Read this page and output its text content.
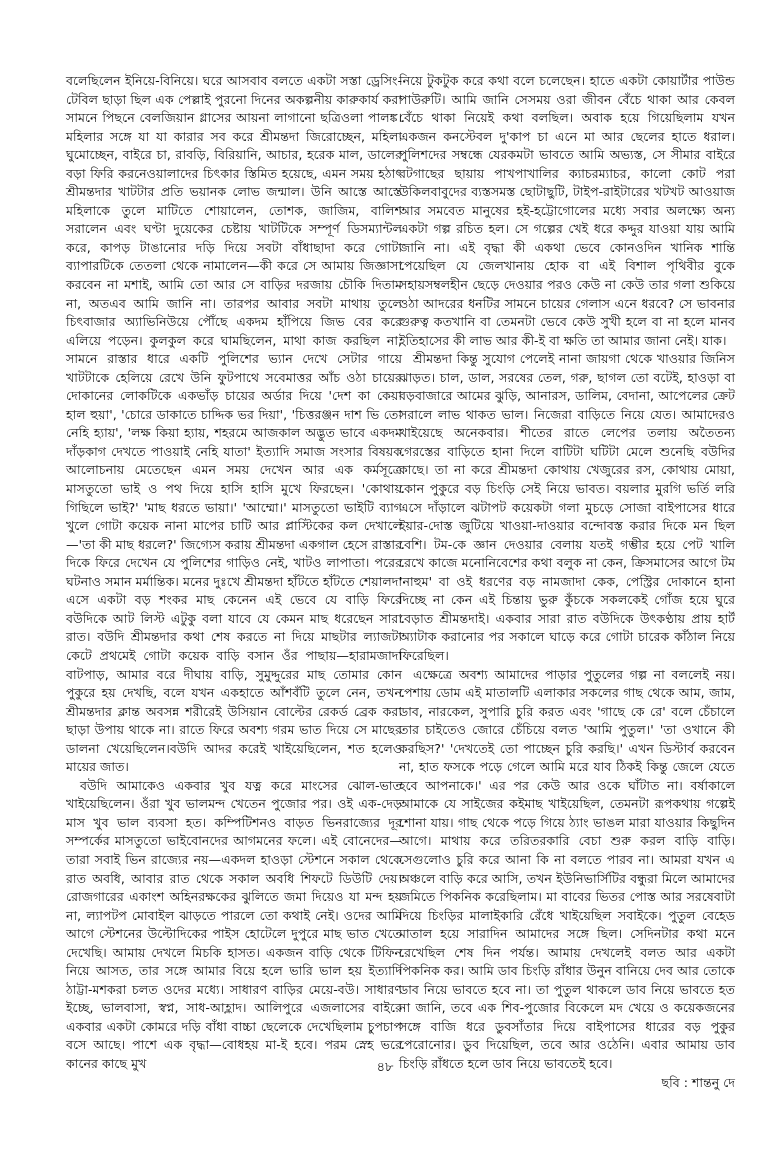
বলেছিলেন ইনিয়ে-বিনিয়ে। ঘরে আসবাব বলতে একটা সস্তা ড্রেসিং-টেবিল ছাড়া ছিল এক পেল্লাই পুরনো দিনের অকল্পনীয় কারুকার্য করা সামনে পিছনে বেলজিয়ান গ্লাসের আয়না লাগানো ছত্রিওলা পালঙ্ক। মহিলার সঙ্গে যা যা কারার সব করে শ্রীমন্তদা জিরোচ্ছেন, মহিলা ঘুমোচ্ছেন, বাইরে চা, রাবড়ি, বিরিয়ানি, আচার, হরেক মাল, ডালের বড়া ফিরি করনেওয়ালাদের চিৎকার স্তিমিত হয়েছে, এমন সময় হঠাৎ শ্রীমন্তদার খাটটার প্রতি ভয়ানক লোভ জন্মাল। উনি আস্তে আস্তে মহিলাকে তুলে মাটিতে শোয়ালেন, তোশক, জাজিম, বালিশ সরালেন এবং ঘণ্টা দুয়েকের চেষ্টায় খাটটিকে সম্পূর্ণ ডিসম্যান্টল করে, কাপড় টাঙানোর দড়ি দিয়ে সবটা বাঁধাছাদা করে গোটা ব্যাপারটিকে তেতলা থেকে নামালেন—কী করে সে আমায় জিজ্ঞাসা করবেন না মশাই, আমি তো আর সে বাড়ির দরজায় চৌকি দিতাম না, অতএব আমি জানি না। তারপর আবার সবটা মাথায় তুলে চিৎবাজার অ্যাভিনিউয়ে পৌঁছে একদম হাঁপিয়ে জিভ বের করে এলিয়ে পড়েন। কুলকুল করে ঘামছিলেন, মাথা কাজ করছিল না, সামনে রাস্তার ধারে একটি পুলিশের ভ্যান দেখে সেটার গায়ে খাটটাকে হেলিয়ে রেখে উনি ফুটপাথে সবেমাত্তর আঁচ ওঠা চায়ের দোকানের লোকটিকে একভাঁড় চায়ের অর্ডার দিয়ে 'দেশ কা কেয়া হাল হুয়া', 'চোরে ডাকাতে চাদ্দিক ভর দিয়া', 'চিত্তরঞ্জন দাশ ভি তো নেহি হ্যায়', 'লক্ষ কিয়া হ্যায়, শহরমে আজকাল অদ্ভুত ভাবে একদম দাঁড়কাগ দেখতে পাওয়াই নেহি যাতা' ইত্যাদি সমাজ সংসার বিষয়ক আলোচনায় মেতেছেন এমন সময় দেখেন আর এক কর্মসূত্রে মাসতুতো ভাই ও পথ দিয়ে হাসি হাসি মুখে ফিরছেন। 'কোথায় গিছিলে ভাই?' 'মাছ ধরতে ভায়া।' 'আম্মো।' মাসতুতো ভাইটি ব্যাগ খুলে গোটা কয়েক নানা মাপের চাটি আর প্লাস্টিকের কল দেখালে—'তা কী মাছ ধরলে?' জিগ্যেস করায় শ্রীমন্তদা একগাল হেসে রাস্তার দিকে ফিরে দেখেন যে পুলিশের গাড়িও নেই, খাটও লাপাতা। পরের ঘটনাও সমান মর্মান্তিক। মনের দুঃখে শ্রীমন্তদা হাঁটতে হাঁটতে শেয়ালদা এসে একটা বড় শংকর মাছ কেনেন এই ভেবে যে বাড়ি ফিরে বউদিকে আট লিস্ট এটুকু বলা যাবে যে কেমন মাছ ধরেছেন সারা রাত। বউদি শ্রীমন্তদার কথা শেষ করতে না দিয়ে মাছটার ল্যাজটা কেটে প্রথমেই গোটা কয়েক বাড়ি বসান ওঁর পাছায়—হারামজাদা বাটপাড়, আমার বরে দীঘায় বাড়ি, সুমুদ্দুরের মাছ তোমার কোন পুকুরে হয় দেখছি, বলে যখন একহাতে আঁশবঁটি তুলে নেন, তখন শ্রীমন্তদার ক্লান্ত অবসন্ন শরীরেই উসিয়ান বোল্টের রেকর্ড ব্রেক করা ছাড়া উপায় থাকে না। রাতে ফিরে অবশ্য গরম ভাত দিয়ে সে মাছের ডালনা খেয়েছিলেন।বউদি আদর করেই খাইয়েছিলেন, শত হলেও মায়ের জাত।

বউদি আমাকেও একবার খুব যত্ন করে মাংসের ঝোল-ভাত খাইয়েছিলেন। ওঁরা খুব ভালমন্দ খেতেন পুজোর পর। ওই এক-দেড় মাস খুব ভাল ব্যবসা হত। কম্পিটিশনও বাড়ত ভিনরাজ্যের দূর সম্পর্কের মাসতুতো ভাইবোনদের আগমনের ফলে। এই বোনেদের—তারা সবাই ভিন রাজ্যের নয়—একদল হাওড়া স্টেশনে সকাল থেকে রাত অবধি, আবার রাত থেকে সকাল অবধি শিফটে ডিউটি দেয়। রোজগারের একাংশ অহিনরক্ষকের ঝুলিতে জমা দিয়েও যা মন্দ হয় না, ল্যাপটপ মোবাইল ঝাড়তে পারলে তো কথাই নেই। ওদের আমি আগে স্টেশনের উল্টোদিকের পাইস হোটেলে দুপুরে মাছ ভাত খেতে দেখেছি। আমায় দেখলে মিচকি হাসত। একজন বাড়ি থেকে টিফিন নিয়ে আসত, তার সঙ্গে আমার বিয়ে হলে ভারি ভাল হয় ইত্যাদি ঠাট্টা-মশকরা চলত ওদের মধ্যে। সাধারণ বাড়ির মেয়ে-বউ। সাধারণ ইচ্ছে, ভালবাসা, স্বপ্ন, সাধ-আহ্লাদ। আলিপুরে এজলাসের বাইরে একবার একটা কোমরে দড়ি বাঁধা বাচ্চা ছেলেকে দেখেছিলাম চুপচাপ বসে আছে। পাশে এক বৃদ্ধা—বোধহয় মা-ই হবে। পরম স্নেহ ভরে কানের কাছে মুখ

নিয়ে টুকটুক করে কথা বলে চলেছেন। হাতে একটা কোয়ার্টার পাউন্ড পাউরুটি। আমি জানি সেসময় ওরা জীবন বেঁচে থাকা আর কেবল বেঁচে থাকা নিয়েই কথা বলছিল। অবাক হয়ে গিয়েছিলাম যখন একজন কনস্টেবল দু'কাপ চা এনে মা আর ছেলের হাতে ধরাল। পুলিশদের সম্বন্ধে যেরকমটা ভাবতে আমি অভ্যস্ত, সে সীমার বাইরে বটগাছের ছায়ায় পাখপাখালির ক্যাচরম্যাচর, কালো কোট পরা উকিলবাবুদের ব্যস্তসমস্ত ছোটাছুটি, টাইপ-রাইটারের খটখট আওয়াজ আর সমবেত মানুষের হই-হট্টোগোলের মধ্যে সবার অলক্ষ্যে অন্য একটা গল্প রচিত হল। সে গল্পের খেই ধরে কদ্দুর যাওয়া যায় আমি জানি না। এই বৃদ্ধা কী একথা ভেবে কোনওদিন খানিক শান্তি পেয়েছিল যে জেলখানায় হোক বা এই বিশাল পৃথিবীর বুকে সহায়সম্বলহীন ছেড়ে দেওয়ার পরও কেউ না কেউ তার গলা শুকিয়ে ওঠা আদরের ধনটির সামনে চায়ের গেলাস এনে ধরবে? সে ভাবনার গুরুত্ব কতখানি বা তেমনটা ভেবে কেউ সুখী হলে বা না হলে মানব ইতিহাসের কী লাভ আর কী-ই বা ক্ষতি তা আমার জানা নেই। যাক।

শ্রীমন্তদা কিন্তু সুযোগ পেলেই নানা জায়গা থেকে খাওয়ার জিনিস ঝাড়ত। চাল, ডাল, সরষের তেল, গরু, ছাগল তো বটেই, হাওড়া বা বড়বাজারে আমের ঝুড়ি, আনারস, ডালিম, বেদানা, আপেলের ক্রেট সরালে লাভ থাকত ভাল। নিজেরা বাড়িতে নিয়ে যেত। আমাদেরও খাইয়েছে অনেকবার। শীতের রাতে লেপের তলায় অতৈতন্য গেরস্তের বাড়িতে হানা দিলে বাটিটা ঘটিটা মেলে শুনেছি বউদির কাছে। তা না করে শ্রীমন্তদা কোথায় খেজুরের রস, কোথায় মোয়া, কোন পুকুরে বড় চিংড়ি সেই নিয়ে ভাবত। বয়লার মুরগি ভর্তি লরি এসে দাঁড়ালে ঝটাপট কয়েকটা গলা মুচড়ে সোজা বাইপাসের ধারে ইয়ার-দোস্ত জুটিয়ে খাওয়া-দাওয়ার বন্দোবস্ত করার দিকে মন ছিল বেশি। টম-কে জ্ঞান দেওয়ার বেলায় যতই গম্ভীর হয়ে পেট খালি রেখে কাজে মনোনিবেশের কথা বলুক না কেন, ক্রিসমাসের আগে টম 'নাহুম' বা ওই ধরণের বড় নামজাদা কেক, পেস্ট্রির দোকানে হানা দিচ্ছে না কেন এই চিন্তায় ভুরু কুঁচকে সকলকেই গোঁজ হয়ে ঘুরে বেড়াত শ্রীমন্তদাই। একবার সারা রাত বউদিকে উৎকণ্ঠায় প্রায় হার্ট অ্যাটাক করানোর পর সকালে ঘাড়ে করে গোটা চারেক কাঁঠাল নিয়ে ফিরেছিল।

এক্ষেত্রে অবশ্য আমাদের পাড়ার পুতুলের গল্প না বললেই নয়। পেশায় ডোম এই মাতালটি এলাকার সকলের গাছ থেকে আম, জাম, ডাব, নারকেল, সুপারি চুরি করত এবং 'গাছে কে রে' বলে চেঁচালে তার চাইতেও জোরে চেঁচিয়ে বলত 'আমি পুতুল।' 'তা ওখানে কী করছিস?' 'দেখতেই তো পাচ্ছেন চুরি করছি।' এখন ডিস্টার্ব করবেন না, হাত ফসকে পড়ে গেলে আমি মরে যাব ঠিকই কিন্তু জেলে যেতে হবে আপনাকে।' এর পর কেউ আর ওকে ঘাঁটাত না। বর্ষাকালে আমাকে যে সাইজের কইমাছ খাইয়েছিল, তেমনটা রূপকথায় গল্পেই শোনা যায়। গাছ থেকে পড়ে গিয়ে ঠ্যাং ভাঙল মারা যাওয়ার কিছুদিন আগে। মাথায় করে তরিতরকারি বেচা শুরু করল বাড়ি বাড়ি। সেগুলোও চুরি করে আনা কি না বলতে পারব না। আমরা যখন এ অঞ্চলে বাড়ি করে আসি, তখন ইউনিভার্সিটির বন্ধুরা মিলে আমাদের জমিতে পিকনিক করেছিলাম। মা বাবের ভিতর পোস্ত আর সরষেবাটা দিয়ে চিংড়ির মালাইকারি রেঁধে খাইয়েছিল সবাইকে। পুতুল বেহেড মাতাল হয়ে সারাদিন আমাদের সঙ্গে ছিল। সেদিনটার কথা মনে রেখেছিল শেষ দিন পর্যন্ত। আমায় দেখলেই বলত আর একটা পিকনিক কর। আমি ডাব চিংড়ি রাঁধার উনুন বানিয়ে দেব আর তোকে ডাব নিয়ে ভাবতে হবে না। তা পুতুল থাকলে ডাব নিয়ে ভাবতে হত না জানি, তবে এক শিব-পুজোর বিকেলে মদ খেয়ে ও কয়েকজনের সঙ্গে বাজি ধরে ডুবসাঁতার দিয়ে বাইপাসের ধারের বড় পুকুর পেরোনোর। ডুব দিয়েছিল, তবে আর ওঠেনি। এবার আমায় ডাব চিংড়ি রাঁধতে হলে ডাব নিয়ে ভাবতেই হবে।

ছবি : শান্তনু দে

৪৮
